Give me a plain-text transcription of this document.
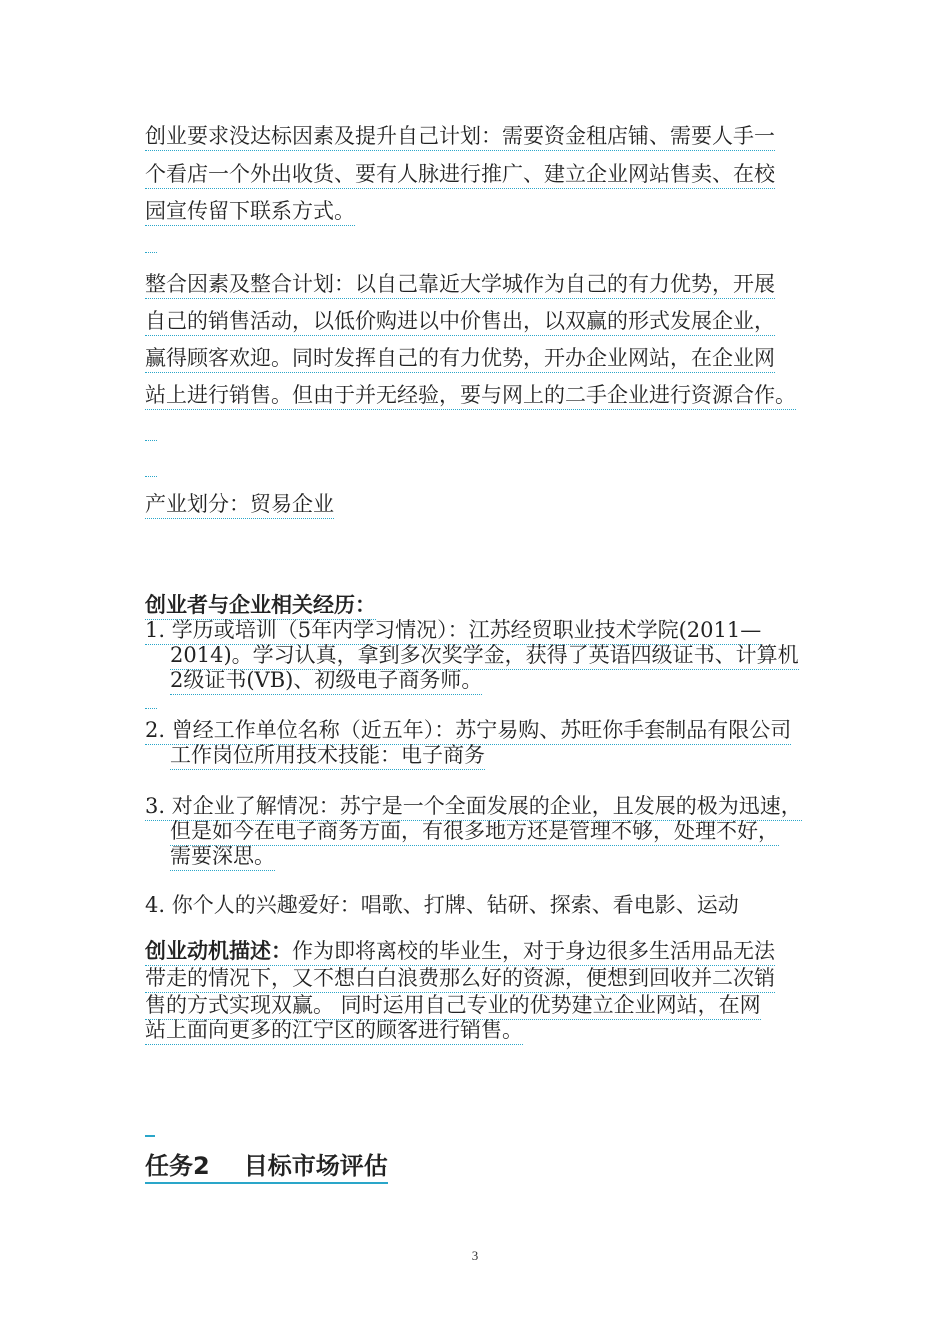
创业要求没达标因素及提升自己计划：需要资金租店铺、需要人手一

个看店一个外出收货、要有人脉进行推广、建立企业网站售卖、在校

园宣传留下联系方式。

整合因素及整合计划：以自己靠近大学城作为自己的有力优势，开展

自己的销售活动，以低价购进以中价售出，以双赢的形式发展企业，

赢得顾客欢迎。同时发挥自己的有力优势，开办企业网站，在企业网

站上进行销售。但由于并无经验，要与网上的二手企业进行资源合作。

产业划分：贸易企业

创业者与企业相关经历：

1. 学历或培训（5年内学习情况）：江苏经贸职业技术学院(2011—

2014)。学习认真，拿到多次奖学金，获得了英语四级证书、计算机

2级证书(VB)、初级电子商务师。

2. 曾经工作单位名称（近五年）：苏宁易购、苏旺你手套制品有限公司

工作岗位所用技术技能：电子商务

3. 对企业了解情况：苏宁是一个全面发展的企业，且发展的极为迅速，

但是如今在电子商务方面，有很多地方还是管理不够，处理不好，

需要深思。

4. 你个人的兴趣爱好：唱歌、打牌、钻研、探索、看电影、运动

创业动机描述：作为即将离校的毕业生，对于身边很多生活用品无法

带走的情况下，又不想白白浪费那么好的资源，便想到回收并二次销

售的方式实现双赢。 同时运用自己专业的优势建立企业网站，在网

站上面向更多的江宁区的顾客进行销售。

任务2 目标市场评估
3
